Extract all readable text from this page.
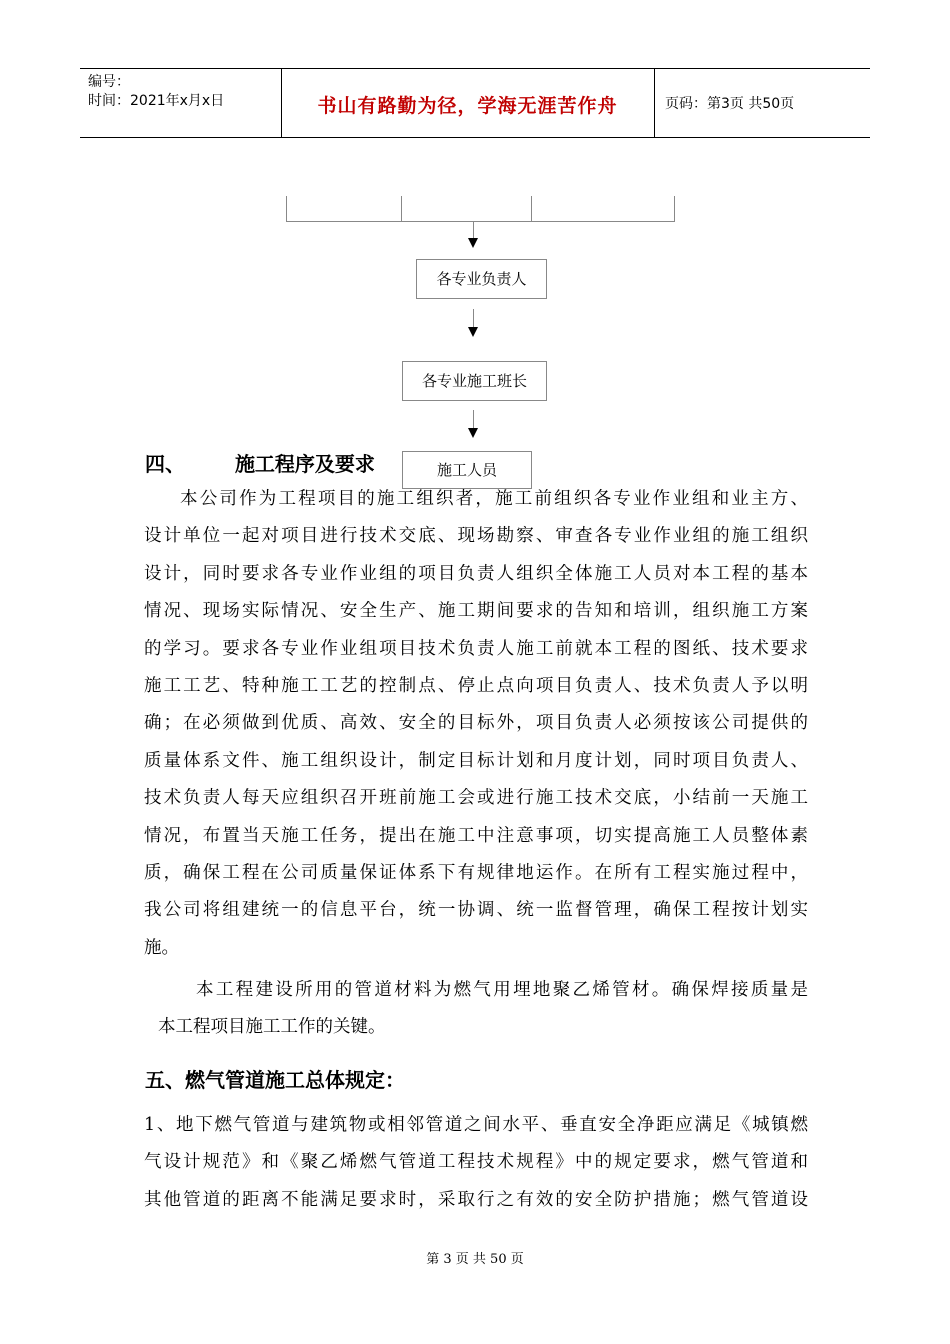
编号：
时间：2021年x月x日	书山有路勤为径，学海无涯苦作舟	页码：第3页 共50页
各专业负责人
各专业施工班长
施工人员
四、 施工程序及要求
本公司作为工程项目的施工组织者，施工前组织各专业作业组和业主方、
设计单位一起对项目进行技术交底、现场勘察、审查各专业作业组的施工组织
设计，同时要求各专业作业组的项目负责人组织全体施工人员对本工程的基本
情况、现场实际情况、安全生产、施工期间要求的告知和培训，组织施工方案
的学习。要求各专业作业组项目技术负责人施工前就本工程的图纸、技术要求
施工工艺、特种施工工艺的控制点、停止点向项目负责人、技术负责人予以明
确；在必须做到优质、高效、安全的目标外，项目负责人必须按该公司提供的
质量体系文件、施工组织设计，制定目标计划和月度计划，同时项目负责人、
技术负责人每天应组织召开班前施工会或进行施工技术交底，小结前一天施工
情况，布置当天施工任务，提出在施工中注意事项，切实提高施工人员整体素
质，确保工程在公司质量保证体系下有规律地运作。在所有工程实施过程中，
我公司将组建统一的信息平台，统一协调、统一监督管理，确保工程按计划实
施。
本工程建设所用的管道材料为燃气用埋地聚乙烯管材。确保焊接质量是
本工程项目施工工作的关键。
五、燃气管道施工总体规定：
1、地下燃气管道与建筑物或相邻管道之间水平、垂直安全净距应满足《城镇燃
气设计规范》和《聚乙烯燃气管道工程技术规程》中的规定要求，燃气管道和
其他管道的距离不能满足要求时，采取行之有效的安全防护措施；燃气管道设
第 3 页 共 50 页
